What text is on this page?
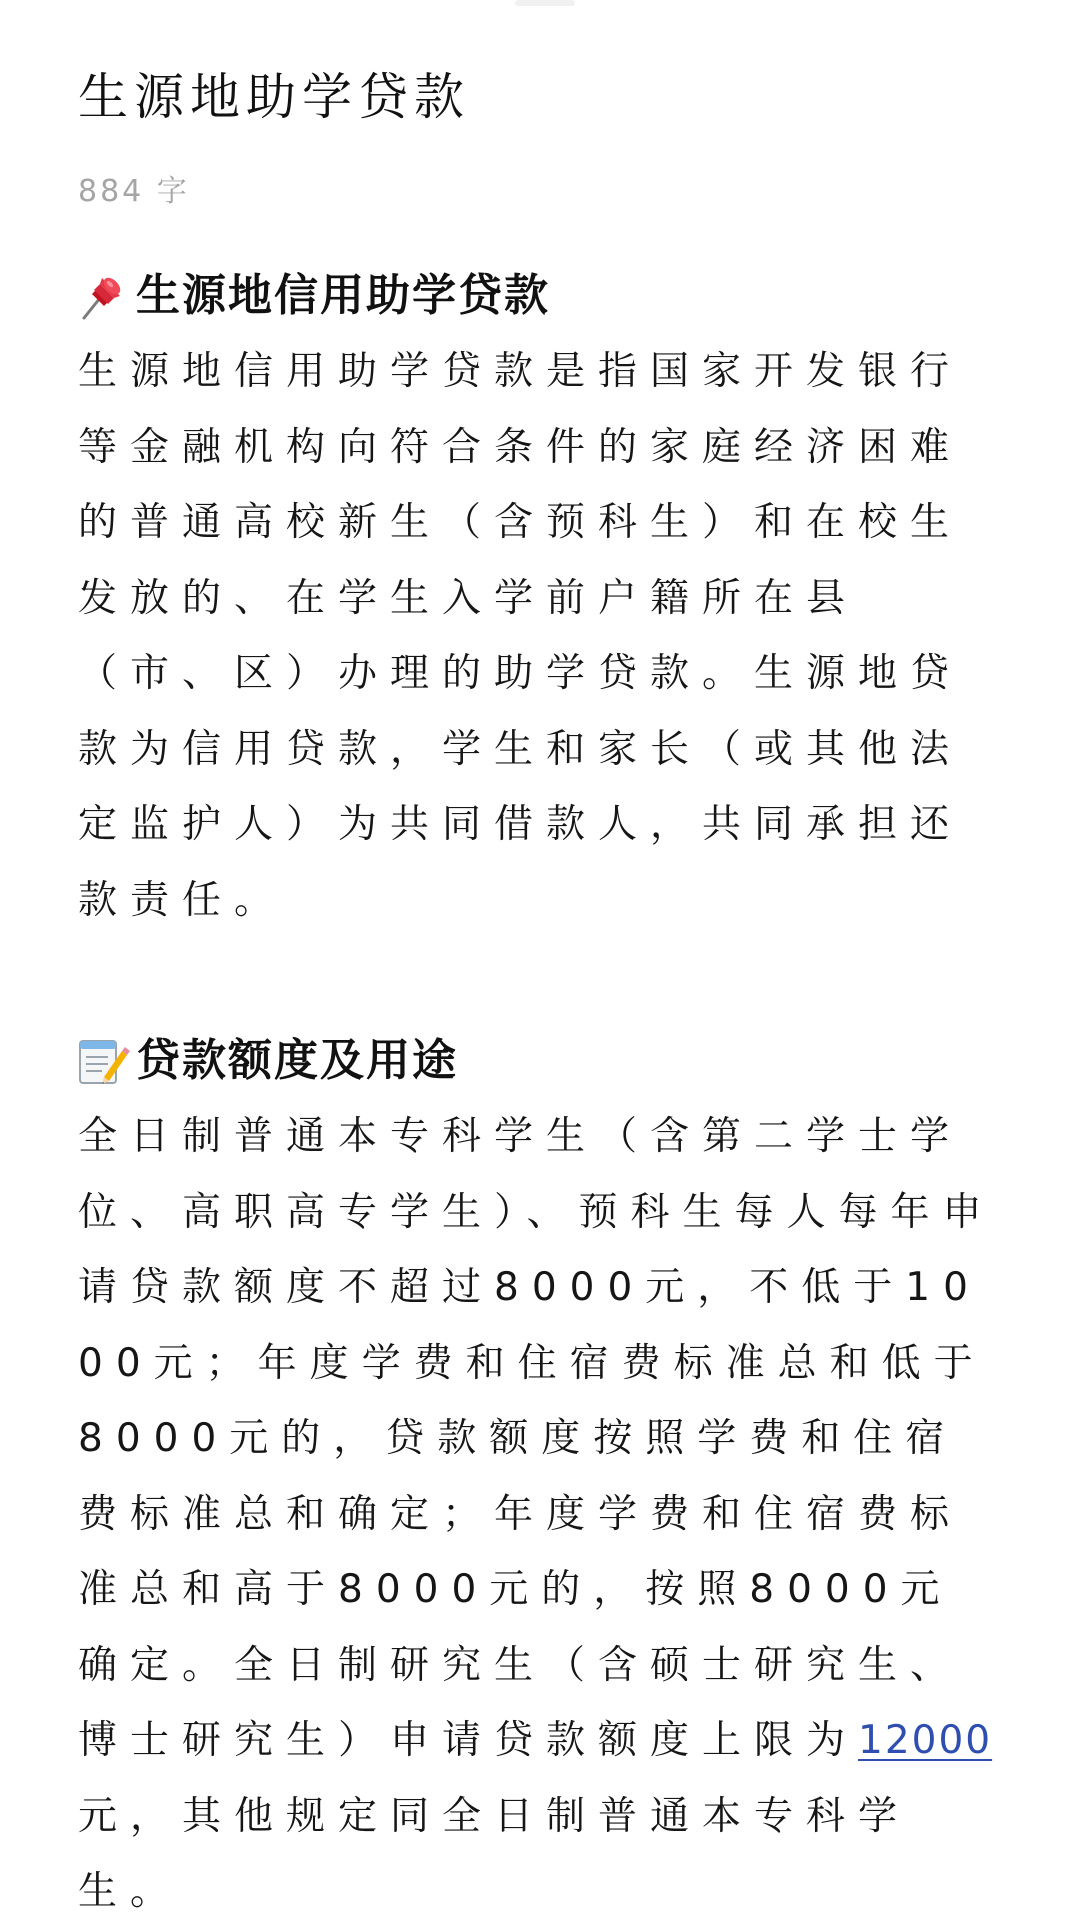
生源地助学贷款
884 字
生源地信用助学贷款

生源地信用助学贷款是指国家开发银行等金融机构向符合条件的家庭经济困难的普通高校新生（含预科生）和在校生发放的、在学生入学前户籍所在县（市、区）办理的助学贷款。生源地贷款为信用贷款，学生和家长（或其他法定监护人）为共同借款人，共同承担还款责任。

贷款额度及用途

全日制普通本专科学生（含第二学士学位、高职高专学生）、预科生每人每年申请贷款额度不超过8000元，不低于1000元；年度学费和住宿费标准总和低于8000元的，贷款额度按照学费和住宿费标准总和确定；年度学费和住宿费标准总和高于8000元的，按照8000元确定。全日制研究生（含硕士研究生、博士研究生）申请贷款额度上限为12000元，其他规定同全日制普通本专科学生。
